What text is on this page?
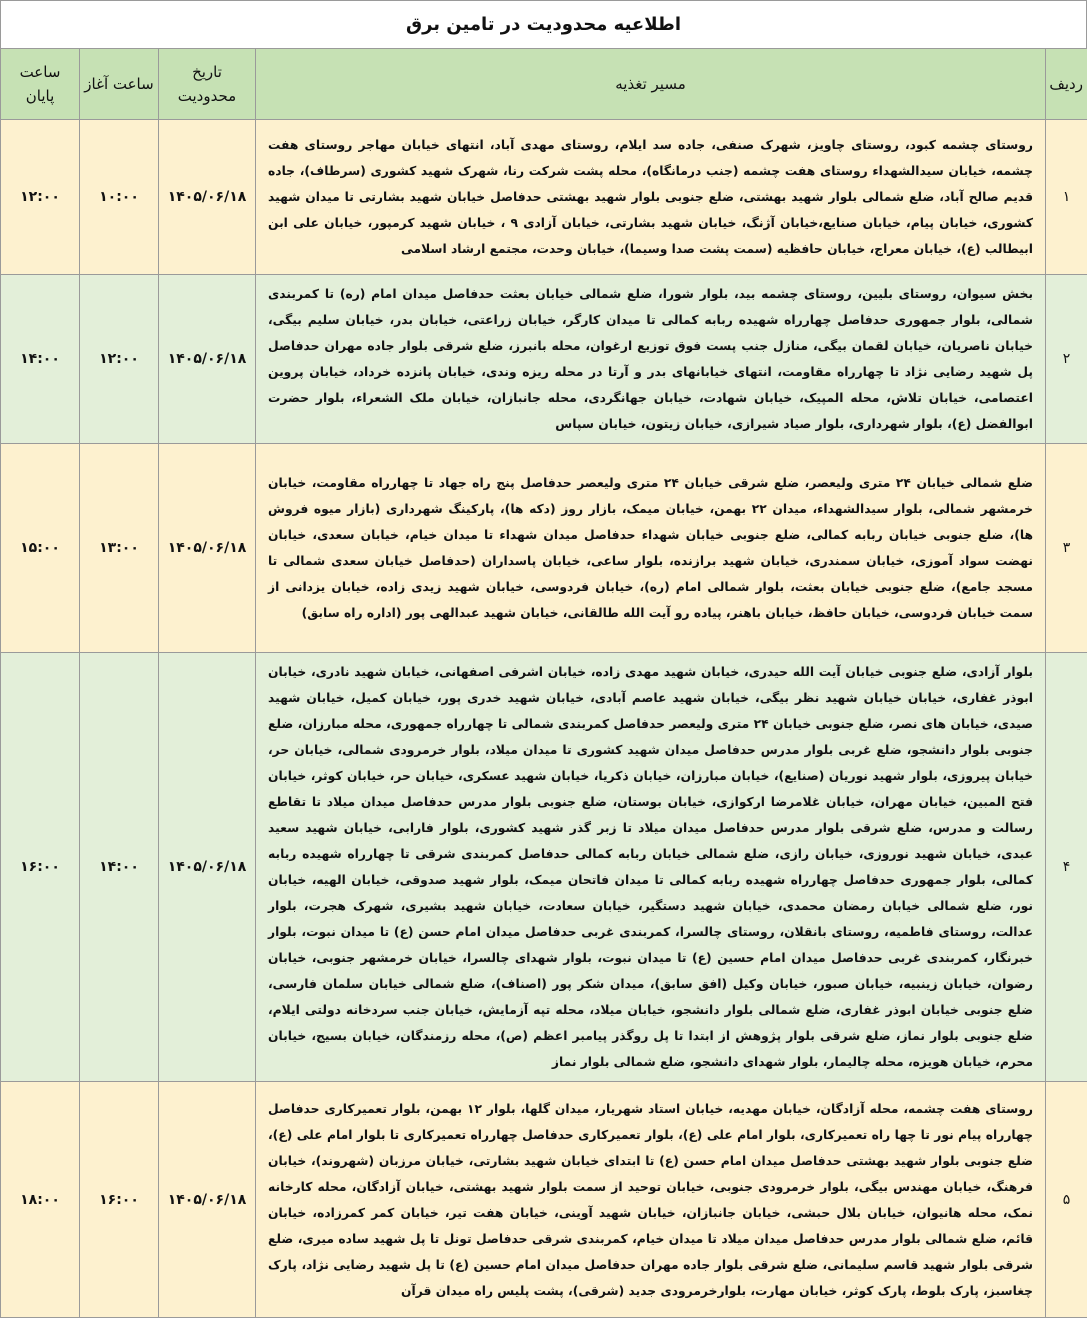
اطلاعیه محدودیت در تامین برق
ردیف	مسیر تغذیه	تاریخ محدودیت	ساعت آغاز	ساعت پایان
۱	روستای چشمه کبود، روستای چاویز، شهرک صنفی، جاده سد ایلام، روستای مهدی آباد، انتهای خیابان مهاجر روستای هفت چشمه، خیابان سیدالشهداء روستای هفت چشمه (جنب درمانگاه)، محله پشت شرکت رنا، شهرک شهید کشوری (سرطاف)، جاده قدیم صالح آباد، ضلع شمالی بلوار شهید بهشتی، ضلع جنوبی بلوار شهید بهشتی حدفاصل خیابان شهید بشارتی تا میدان شهید کشوری، خیابان پیام، خیابان صنایع،خیابان آژنگ، خیابان شهید بشارتی، خیابان آزادی ۹ ، خیابان شهید کرمپور، خیابان علی ابن ابیطالب (ع)، خیابان معراج، خیابان حافظیه (سمت پشت صدا وسیما)، خیابان وحدت، مجتمع ارشاد اسلامی	۱۴۰۵/۰۶/۱۸	۱۰:۰۰	۱۲:۰۰
۲	بخش سیوان، روستای بلیین، روستای چشمه بید، بلوار شورا، ضلع شمالی خیابان بعثت حدفاصل میدان امام (ره) تا کمربندی شمالی، بلوار جمهوری حدفاصل چهارراه شهیده ربابه کمالی تا میدان کارگر، خیابان زراعتی، خیابان بدر، خیابان سلیم بیگی، خیابان ناصریان، خیابان لقمان بیگی، منازل جنب پست فوق توزیع ارغوان، محله بانبرز، ضلع شرقی بلوار جاده مهران حدفاصل پل شهید رضایی نژاد تا چهارراه مقاومت، انتهای خیابانهای بدر و آرتا در محله ریزه وندی، خیابان پانزده خرداد، خیابان پروین اعتصامی، خیابان تلاش، محله المپیک، خیابان شهادت، خیابان جهانگردی، محله جانبازان، خیابان ملک الشعراء، بلوار حضرت ابوالفضل (ع)، بلوار شهرداری، بلوار صیاد شیرازی، خیابان زیتون، خیابان سپاس	۱۴۰۵/۰۶/۱۸	۱۲:۰۰	۱۴:۰۰
۳	ضلع شمالی خیابان ۲۴ متری ولیعصر، ضلع شرقی خیابان ۲۴ متری ولیعصر حدفاصل پنج راه جهاد تا چهارراه مقاومت، خیابان خرمشهر شمالی، بلوار سیدالشهداء، میدان ۲۲ بهمن، خیابان میمک، بازار روز (دکه ها)، پارکینگ شهرداری (بازار میوه فروش ها)، ضلع جنوبی خیابان ربابه کمالی، ضلع جنوبی خیابان شهداء حدفاصل میدان شهداء تا میدان خیام، خیابان سعدی، خیابان نهضت سواد آموزی، خیابان سمندری، خیابان شهید برازنده، بلوار ساعی، خیابان پاسداران (حدفاصل خیابان سعدی شمالی تا مسجد جامع)، ضلع جنوبی خیابان بعثت، بلوار شمالی امام (ره)، خیابان فردوسی، خیابان شهید زیدی زاده، خیابان یزدانی از سمت خیابان فردوسی، خیابان حافظ، خیابان باهنر، پیاده رو آیت الله طالقانی، خیابان شهید عبدالهی پور (اداره راه سابق)	۱۴۰۵/۰۶/۱۸	۱۳:۰۰	۱۵:۰۰
۴	بلوار آزادی، ضلع جنوبی خیابان آیت الله حیدری، خیابان شهید مهدی زاده، خیابان اشرفی اصفهانی، خیابان شهید نادری، خیابان ابوذر غفاری، خیابان خیابان شهید نظر بیگی، خیابان شهید عاصم آبادی، خیابان شهید خدری پور، خیابان کمیل، خیابان شهید صیدی، خیابان های نصر، ضلع جنوبی خیابان ۲۴ متری ولیعصر حدفاصل کمربندی شمالی تا چهارراه جمهوری، محله مبارزان، ضلع جنوبی بلوار دانشجو، ضلع غربی بلوار مدرس حدفاصل میدان شهید کشوری تا میدان میلاد، بلوار خرمرودی شمالی، خیابان حر، خیابان پیروزی، بلوار شهید نوریان (صنایع)، خیابان مبارزان، خیابان ذکریا، خیابان شهید عسکری، خیابان حر، خیابان کوثر، خیابان فتح المبین، خیابان مهران، خیابان غلامرضا ارکوازی، خیابان بوستان، ضلع جنوبی بلوار مدرس حدفاصل میدان میلاد تا تقاطع رسالت و مدرس، ضلع شرقی بلوار مدرس حدفاصل میدان میلاد تا زبر گذر شهید کشوری، بلوار فارابی، خیابان شهید سعید عبدی، خیابان شهید نوروزی، خیابان رازی، ضلع شمالی خیابان ربابه کمالی حدفاصل کمربندی شرقی تا چهارراه شهیده ربابه کمالی، بلوار جمهوری حدفاصل چهارراه شهیده ربابه کمالی تا میدان فاتحان میمک، بلوار شهید صدوقی، خیابان الهیه، خیابان نور، ضلع شمالی خیابان رمضان محمدی، خیابان شهید دستگیر، خیابان سعادت، خیابان شهید بشیری، شهرک هجرت، بلوار عدالت، روستای فاطمیه، روستای بانقلان، روستای چالسرا، کمربندی غربی حدفاصل میدان امام حسن (ع) تا میدان نبوت، بلوار خبرنگار، کمربندی غربی حدفاصل میدان امام حسین (ع) تا میدان نبوت، بلوار شهدای چالسرا، خیابان خرمشهر جنوبی، خیابان رضوان، خیابان زینبیه، خیابان صبور، خیابان وکیل (افق سابق)، میدان شکر پور (اصناف)، ضلع شمالی خیابان سلمان فارسی، ضلع جنوبی خیابان ابوذر غفاری، ضلع شمالی بلوار دانشجو، خیابان میلاد، محله تپه آزمایش، خیابان جنب سردخانه دولتی ایلام، ضلع جنوبی بلوار نماز، ضلع شرقی بلوار پژوهش از ابتدا تا پل روگذر پیامبر اعظم (ص)، محله رزمندگان، خیابان بسیج، خیابان محرم، خیابان هویزه، محله چالیمار، بلوار شهدای دانشجو، ضلع شمالی بلوار نماز	۱۴۰۵/۰۶/۱۸	۱۴:۰۰	۱۶:۰۰
۵	روستای هفت چشمه، محله آزادگان، خیابان مهدیه، خیابان استاد شهریار، میدان گلها، بلوار ۱۲ بهمن، بلوار تعمیرکاری حدفاصل چهارراه پیام نور تا چها راه تعمیرکاری، بلوار امام علی (ع)، بلوار تعمیرکاری حدفاصل چهارراه تعمیرکاری تا بلوار امام علی (ع)، ضلع جنوبی بلوار شهید بهشتی حدفاصل میدان امام حسن (ع) تا ابتدای خیابان شهید بشارتی، خیابان مرزبان (شهروند)، خیابان فرهنگ، خیابان مهندس بیگی، بلوار خرمرودی جنوبی، خیابان توحید از سمت بلوار شهید بهشتی، خیابان آزادگان، محله کارخانه نمک، محله هانیوان، خیابان بلال حبشی، خیابان جانبازان، خیابان شهید آوینی، خیابان هفت تیر، خیابان کمر کمرزاده، خیابان قائم، ضلع شمالی بلوار مدرس حدفاصل میدان میلاد تا میدان خیام، کمربندی شرقی حدفاصل تونل تا پل شهید ساده میری، ضلع شرقی بلوار شهید قاسم سلیمانی، ضلع شرقی بلوار جاده مهران حدفاصل میدان امام حسین (ع) تا پل شهید رضایی نژاد، پارک چغاسبز، پارک بلوط، پارک کوثر، خیابان مهارت، بلوارخرمرودی جدید (شرقی)، پشت پلیس راه میدان قرآن	۱۴۰۵/۰۶/۱۸	۱۶:۰۰	۱۸:۰۰
